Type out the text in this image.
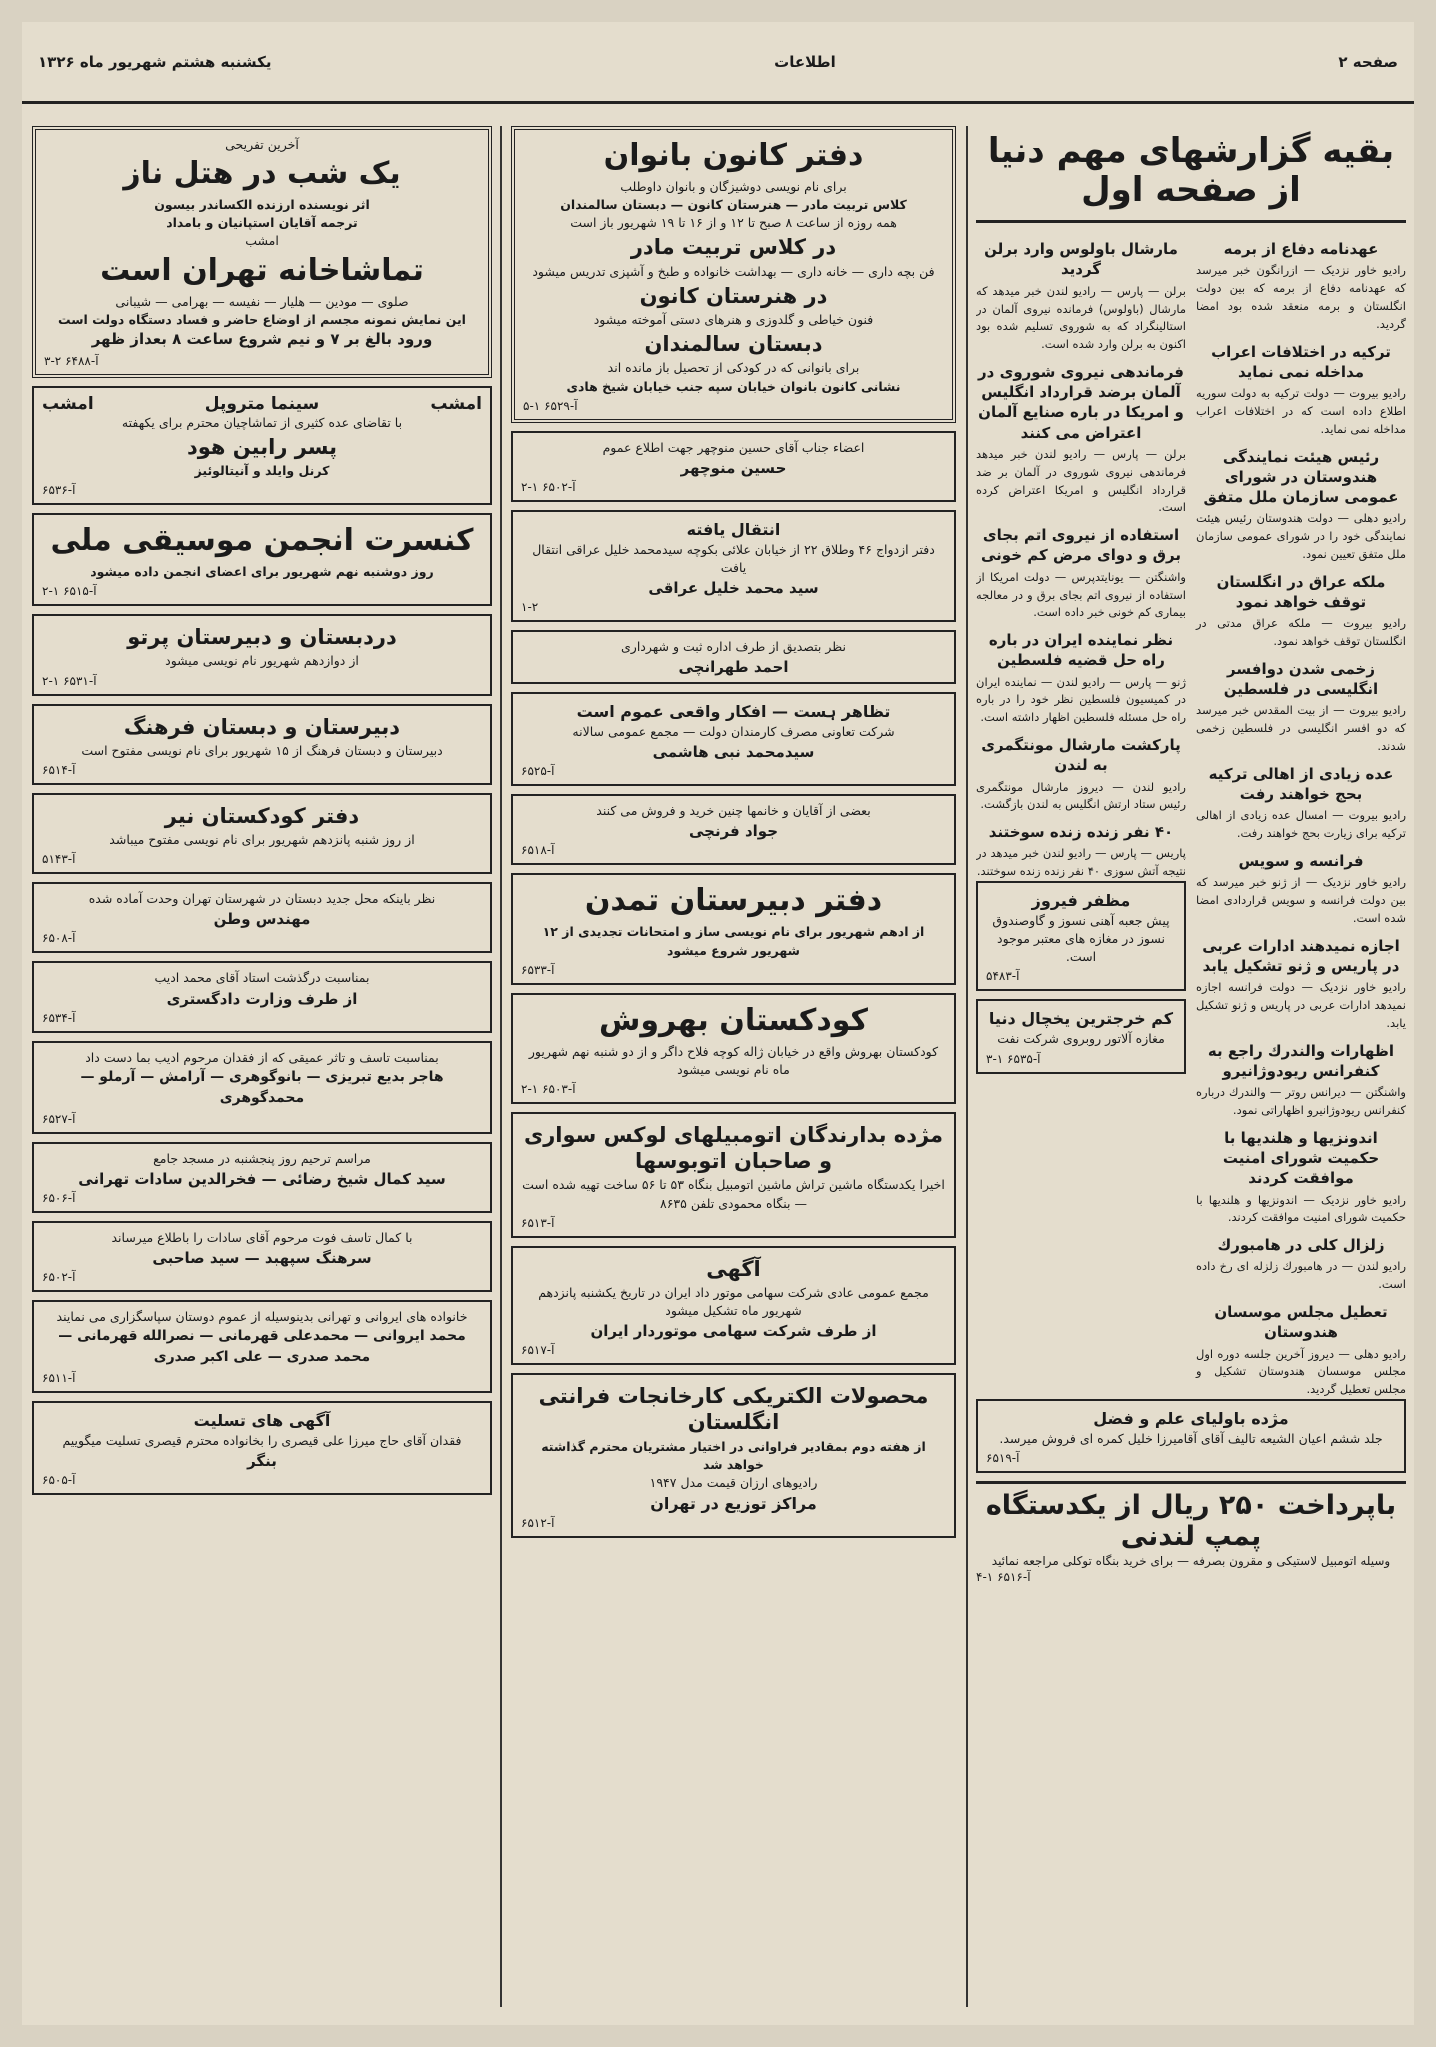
صفحه ۲
اطلاعات
یکشنبه هشتم شهریور ماه ۱۳۲۶
بقیه گزارشهای مهم دنیا از صفحه اول
عهدنامه دفاع از برمه

رادیو خاور نزدیک — ازرانگون خبر میرسد که عهدنامه دفاع از برمه که بین دولت انگلستان و برمه منعقد شده بود امضا گردید.

ترکیه در اختلافات اعراب مداخله نمی نماید

رادیو بیروت — دولت ترکیه به دولت سوریه اطلاع داده است که در اختلافات اعراب مداخله نمی نماید.

رئیس هیئت نمایندگی هندوستان در شورای عمومی سازمان ملل متفق

رادیو دهلی — دولت هندوستان رئیس هیئت نمایندگی خود را در شورای عمومی سازمان ملل متفق تعیین نمود.

ملکه عراق در انگلستان توقف خواهد نمود

رادیو بیروت — ملکه عراق مدتی در انگلستان توقف خواهد نمود.

زخمی شدن دوافسر انگلیسی در فلسطین

رادیو بیروت — از بیت المقدس خبر میرسد که دو افسر انگلیسی در فلسطین زخمی شدند.

عده زیادی از اهالی ترکیه بحج خواهند رفت

رادیو بیروت — امسال عده زیادی از اهالی ترکیه برای زیارت بحج خواهند رفت.

فرانسه و سویس

رادیو خاور نزدیک — از ژنو خبر میرسد که بین دولت فرانسه و سویس قراردادی امضا شده است.

اجازه نمیدهند ادارات عربی در پاریس و ژنو تشکیل یابد

رادیو خاور نزدیک — دولت فرانسه اجازه نمیدهد ادارات عربی در پاریس و ژنو تشکیل یابد.

اظهارات والندرك راجع به کنفرانس ریودوژانیرو

واشنگتن — دیرانس روتر — والندرك درباره کنفرانس ریودوژانیرو اظهاراتی نمود.

اندونزیها و هلندیها با حکمیت شورای امنیت موافقت کردند

رادیو خاور نزدیک — اندونزیها و هلندیها با حکمیت شورای امنیت موافقت کردند.

زلزال کلی در هامبورك

رادیو لندن — در هامبورك زلزله ای رخ داده است.

تعطیل مجلس موسسان هندوستان

رادیو دهلی — دیروز آخرین جلسه دوره اول مجلس موسسان هندوستان تشکیل و مجلس تعطیل گردید.

مارشال باولوس وارد برلن گردید

برلن — پارس — رادیو لندن خبر میدهد که مارشال (باولوس) فرمانده نیروی آلمان در استالینگراد که به شوروی تسلیم شده بود اکنون به برلن وارد شده است.

فرماندهی نیروی شوروی در آلمان برضد قرارداد انگلیس و امریکا در باره صنایع آلمان اعتراض می کنند

برلن — پارس — رادیو لندن خبر میدهد فرماندهی نیروی شوروی در آلمان بر ضد قرارداد انگلیس و امریکا اعتراض کرده است.

استفاده از نیروی اتم بجای برق و دوای مرض کم خونی

واشنگتن — یونایتدپرس — دولت امریکا از استفاده از نیروی اتم بجای برق و در معالجه بیماری کم خونی خبر داده است.

نظر نماینده ایران در باره راه حل قضیه فلسطین

ژنو — پارس — رادیو لندن — نماینده ایران در کمیسیون فلسطین نظر خود را در باره راه حل مسئله فلسطین اظهار داشته است.

پارکشت مارشال مونتگمری به لندن

رادیو لندن — دیروز مارشال مونتگمری رئیس ستاد ارتش انگلیس به لندن بازگشت.

۴۰ نفر زنده زنده سوختند

پاریس — پارس — رادیو لندن خبر میدهد در نتیجه آتش سوزی ۴۰ نفر زنده زنده سوختند.

مظفر فیروز

پیش جعبه آهنی نسوز و گاوصندوق نسوز در مغازه های معتبر موجود است.

آ-۵۴۸۳
کم خرجترین یخچال دنیا

مغازه آلاتور روبروی شرکت نفت

۳-۱ آ-۶۵۳۵
مژده باولیای علم و فضل

جلد ششم اعیان الشیعه تالیف آقای آقامیرزا خلیل کمره ای فروش میرسد.

آ-۶۵۱۹
باپرداخت ۲۵۰ ریال از یکدستگاه پمپ لندنی

وسیله اتومبیل لاستیکی و مقرون بصرفه — برای خرید بنگاه توکلی مراجعه نمائید

آ-۶۵۱۶ ۱-۴
دفتر کانون بانوان

برای نام نویسی دوشیزگان و بانوان داوطلب

کلاس تربیت مادر — هنرستان کانون — دبستان سالمندان

همه روزه از ساعت ۸ صبح تا ۱۲ و از ۱۶ تا ۱۹ شهریور باز است

در کلاس تربیت مادر

فن بچه داری — خانه داری — بهداشت خانواده و طبخ و آشپزی تدریس میشود

در هنرستان کانون

فنون خیاطی و گلدوزی و هنرهای دستی آموخته میشود

دبستان سالمندان

برای بانوانی که در کودکی از تحصیل باز مانده اند

نشانی کانون بانوان خیابان سپه جنب خیابان شیخ هادی

آ-۶۵۲۹ ۱-۵

اعضاء جناب آقای حسین منوچهر جهت اطلاع عموم

حسین منوچهر
آ-۶۵۰۲ ۱-۲
انتقال یافته

دفتر ازدواج ۴۶ وطلاق ۲۲ از خیابان علائی بکوچه سیدمحمد خلیل عراقی انتقال یافت

سید محمد خلیل عراقی
۱-۲

نظر بتصدیق از طرف اداره ثبت و شهرداری

احمد طهرانچی
تظاهر ہست — افکار واقعی عموم است

شرکت تعاونی مصرف کارمندان دولت — مجمع عمومی سالانه

سیدمحمد نبی هاشمی
آ-۶۵۲۵

بعضی از آقایان و خانمها چنین خرید و فروش می کنند

جواد فرنچی
آ-۶۵۱۸
دفتر دبیرستان تمدن

از ادهم شهریور برای نام نویسی ساز و امتحانات تجدیدی از ۱۲ شهریور شروع میشود

آ-۶۵۳۳
کودکستان بهروش

کودکستان بهروش واقع در خیابان ژاله کوچه فلاح داگر و از دو شنبه نهم شهریور ماه نام نویسی میشود

آ-۶۵۰۳ ۱-۲
مژده بدارندگان اتومبیلهای لوکس سواری و صاحبان اتوبوسها

اخیرا یکدستگاه ماشین تراش ماشین اتومبیل بنگاه ۵۳ تا ۵۶ ساخت تهیه شده است — بنگاه محمودی تلفن ۸۶۳۵

آ-۶۵۱۳
آگهی

مجمع عمومی عادی شرکت سهامی موتور داد ایران در تاریخ یکشنبه پانزدهم شهریور ماه تشکیل میشود

از طرف شرکت سهامی موتوردار ایران
آ-۶۵۱۷
محصولات الکتریکی کارخانجات فرانتی انگلستان

از هفته دوم بمقادیر فراوانی در اختیار مشتریان محترم گذاشته خواهد شد

رادیوهای ارزان قیمت مدل ۱۹۴۷

مراکز توزیع در تهران
آ-۶۵۱۲

آخرین تفریحی

یک شب در هتل ناز

اثر نویسنده ارزنده الکساندر بیسون

ترجمه آقایان استپانیان و بامداد

امشب

تماشاخانه تهران است

صلوی — مودین — هلیار — نفیسه — بهرامی — شیبانی

این نمایش نمونه مجسم از اوضاع حاضر و فساد دستگاه دولت است

ورود بالغ بر ۷ و نیم شروع ساعت ۸ بعداز ظهر

آ-۶۴۸۸ ۲-۳
امشب
سینما متروپل
امشب

با تقاضای عده کثیری از تماشاچیان محترم برای یکهفته

پسر رابین هود

کرنل وایلد و آنیتالوئیز

آ-۶۵۳۶
کنسرت انجمن موسیقی ملی

روز دوشنبه نهم شهریور برای اعضای انجمن داده میشود

آ-۶۵۱۵ ۱-۲
دردبستان و دبیرستان پرتو

از دوازدهم شهریور نام نویسی میشود

آ-۶۵۳۱ ۱-۲
دبیرستان و دبستان فرهنگ

دبیرستان و دبستان فرهنگ از ۱۵ شهریور برای نام نویسی مفتوح است

آ-۶۵۱۴
دفتر کودکستان نیر

از روز شنبه پانزدهم شهریور برای نام نویسی مفتوح میباشد

آ-۵۱۴۳

نظر باینکه محل جدید دبستان در شهرستان تهران وحدت آماده شده

مهندس وطن
آ-۶۵۰۸

بمناسبت درگذشت استاد آقای محمد ادیب

از طرف وزارت دادگستری
آ-۶۵۳۴

بمناسبت تاسف و تاثر عمیقی که از فقدان مرحوم ادیب بما دست داد

هاجر بدیع تبریزی — بانوگوهری — آرامش — آرملو — محمدگوهری
آ-۶۵۲۷

مراسم ترحیم روز پنجشنبه در مسجد جامع

سید کمال شیخ رضائی — فخرالدین سادات تهرانی
آ-۶۵۰۶

با کمال تاسف فوت مرحوم آقای سادات را باطلاع میرساند

سرهنگ سپهبد — سید صاحبی
آ-۶۵۰۲

خانواده های ایروانی و تهرانی بدینوسیله از عموم دوستان سپاسگزاری می نمایند

محمد ایروانی — محمدعلی قهرمانی — نصرالله قهرمانی — محمد صدری — علی اکبر صدری
آ-۶۵۱۱
آگهی های تسلیت

فقدان آقای حاج میرزا علی قیصری را بخانواده محترم قیصری تسلیت میگوییم

بنگر
آ-۶۵۰۵
